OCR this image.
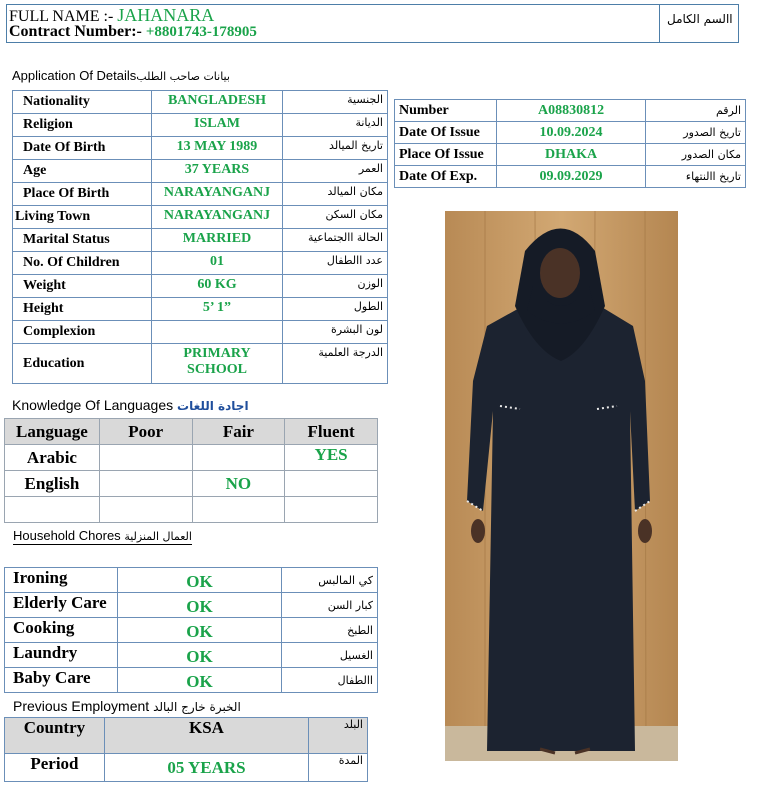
FULL NAME :- JAHANARA
Contract Number:- +8801743-178905
االسم الكامل
Application Of Detailsبيانات صاحب الطلب
Nationality	BANGLADESH	الجنسية
Religion	ISLAM	الديانة
Date Of Birth	13 MAY 1989	تاريخ الميالد
Age	37 YEARS	العمر
Place Of Birth	NARAYANGANJ	مكان الميالد
Living Town	NARAYANGANJ	مكان السكن
Marital Status	MARRIED	الحالة االجتماعية
No. Of Children	01	عدد االطفال
Weight	60 KG	الوزن
Height	5’ 1”	الطول
Complexion		لون البشرة
Education	PRIMARY SCHOOL	الدرجة العلمية
Number	A08830812	الرقم
Date Of Issue	10.09.2024	تاريخ الصدور
Place Of Issue	DHAKA	مكان الصدور
Date Of Exp.	09.09.2029	تاريخ االنتهاء
Knowledge Of Languages اجادة اللغات
Language	Poor	Fair	Fluent
Arabic			YES
English		NO	

Household Chores العمال المنزلية
Ironing	OK	كي المالبس
Elderly Care	OK	كبار السن
Cooking	OK	الطبخ
Laundry	OK	الغسيل
Baby Care	OK	االطفال
Previous Employment الخبرة خارج البالد
Country	KSA	البلد
Period	05 YEARS	المدة
